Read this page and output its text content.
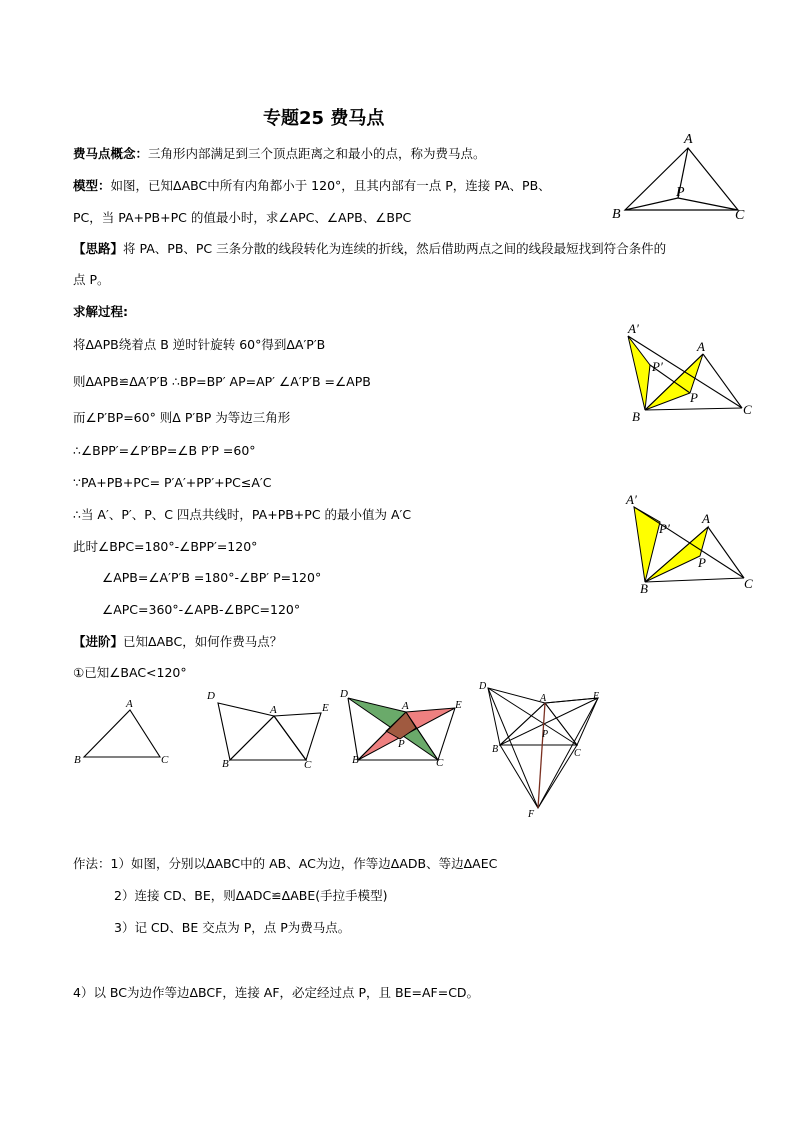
专题25 费马点
费马点概念：三角形内部满足到三个顶点距离之和最小的点，称为费马点。
模型：如图，已知ΔABC中所有内角都小于 120°，且其内部有一点 P，连接 PA、PB、
PC，当 PA+PB+PC 的值最小时，求∠APC、∠APB、∠BPC
【思路】将 PA、PB、PC 三条分散的线段转化为连续的折线，然后借助两点之间的线段最短找到符合条件的
点 P。
求解过程:
将ΔAPB绕着点 B 逆时针旋转 60°得到ΔA′P′B
则ΔAPB≌ΔA′P′B ∴BP=BP′ AP=AP′ ∠A′P′B =∠APB
而∠P′BP=60° 则Δ P′BP 为等边三角形
∴∠BPP′=∠P′BP=∠B P′P =60°
∵PA+PB+PC= P′A′+PP′+PC≤A′C
∴当 A′、P′、P、C 四点共线时，PA+PB+PC 的最小值为 A′C
此时∠BPC=180°-∠BPP′=120°
∠APB=∠A′P′B =180°-∠BP′ P=120°
∠APC=360°-∠APB-∠BPC=120°
【进阶】已知ΔABC，如何作费马点？
①已知∠BAC<120°
作法：1）如图，分别以ΔABC中的 AB、AC为边，作等边ΔADB、等边ΔAEC
2）连接 CD、BE，则ΔADC≌ΔABE(手拉手模型)
3）记 CD、BE 交点为 P，点 P为费马点。
4）以 BC为边作等边ΔBCF，连接 AF，必定经过点 P，且 BE=AF=CD。
A
B	C
P
A′
P′
A
P
B	C
A′
P′
A
P
B	C
A
B	C
D
A	E
B	C
D
A	E
P
B	C
D
A	E
P
B	C
F
